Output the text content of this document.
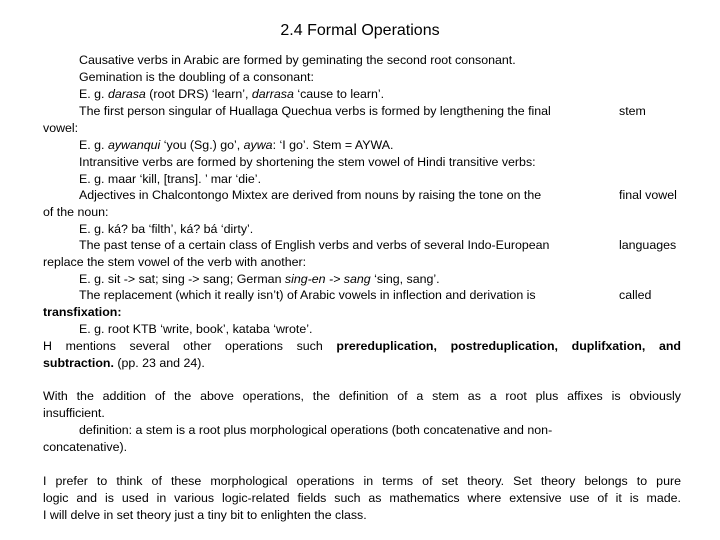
2.4 Formal Operations
Causative verbs in Arabic are formed by geminating the second root consonant.
Gemination is the doubling of a consonant:
E. g. darasa (root DRS) ‘learn’, darrasa ‘cause to learn’.
The first person singular of Huallaga Quechua verbs is formed by lengthening the final	stem
vowel:
E. g. aywanqui ‘you (Sg.) go’, aywa: ‘I go’. Stem = AYWA.
Intransitive verbs are formed by shortening the stem vowel of Hindi transitive verbs:
E. g. maar ‘kill, [trans]. ’ mar ‘die’.
Adjectives in Chalcontongo Mixtex are derived from nouns by raising the tone on the	final vowel
of the noun:
E. g. ká? ba ‘filth’, ká? bá ‘dirty’.
The past tense of a certain class of English verbs and verbs of several Indo-European	languages
replace the stem vowel of the verb with another:
E. g. sit -> sat; sing -> sang; German sing-en -> sang ‘sing, sang’.
The replacement (which it really isn’t) of Arabic vowels in inflection and derivation is	called
transfixation:
E. g. root KTB ‘write, book’, kataba ‘wrote’.
H mentions several other operations such prereduplication, postreduplication, duplifxation, and
subtraction. (pp. 23 and 24).
With the addition of the above operations, the definition of a stem as a root plus affixes is obviously
insufficient.
definition: a stem is a root plus morphological operations (both concatenative and non-
concatenative).
I prefer to think of these morphological operations in terms of set theory. Set theory belongs to pure
logic and is used in various logic-related fields such as mathematics where extensive use of it is made.
I will delve in set theory just a tiny bit to enlighten the class.
